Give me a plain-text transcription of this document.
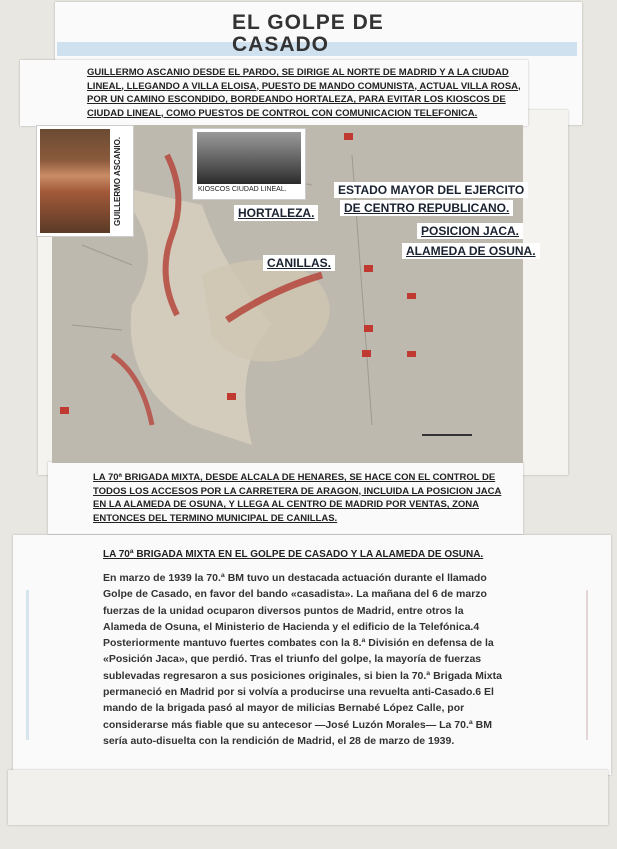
EL GOLPE DE
CASADO
GUILLERMO ASCANIO DESDE EL PARDO, SE DIRIGE AL NORTE DE MADRID Y A LA CIUDAD LINEAL, LLEGANDO A VILLA ELOISA, PUESTO DE MANDO COMUNISTA, ACTUAL VILLA ROSA, POR UN CAMINO ESCONDIDO, BORDEANDO HORTALEZA, PARA EVITAR LOS KIOSCOS DE CIUDAD LINEAL, COMO PUESTOS DE CONTROL CON COMUNICACION TELEFONICA.
GUILLERMO ASCANIO.	KIOSCOS CIUDAD LINEAL.
HORTALEZA.
ESTADO MAYOR DEL EJERCITO
DE CENTRO REPUBLICANO.
POSICION JACA.
ALAMEDA DE OSUNA.
CANILLAS.
LA 70ª BRIGADA MIXTA, DESDE ALCALA DE HENARES, SE HACE CON EL CONTROL DE TODOS LOS ACCESOS POR LA CARRETERA DE ARAGON, INCLUIDA LA POSICION JACA EN LA ALAMEDA DE OSUNA, Y LLEGA AL CENTRO DE MADRID POR VENTAS, ZONA ENTONCES DEL TERMINO MUNICIPAL DE CANILLAS.
LA 70ª BRIGADA MIXTA EN EL GOLPE DE CASADO Y LA ALAMEDA DE OSUNA.

En marzo de 1939 la 70.ª BM tuvo un destacada actuación durante el llamado Golpe de Casado, en favor del bando «casadista». La mañana del 6 de marzo fuerzas de la unidad ocuparon diversos puntos de Madrid, entre otros la Alameda de Osuna, el Ministerio de Hacienda y el edificio de la Telefónica.4 Posteriormente mantuvo fuertes combates con la 8.ª División en defensa de la «Posición Jaca», que perdió. Tras el triunfo del golpe, la mayoría de fuerzas sublevadas regresaron a sus posiciones originales, si bien la 70.ª Brigada Mixta permaneció en Madrid por si volvía a producirse una revuelta anti-Casado.6 El mando de la brigada pasó al mayor de milicias Bernabé López Calle, por considerarse más fiable que su antecesor —José Luzón Morales— La 70.ª BM sería auto-disuelta con la rendición de Madrid, el 28 de marzo de 1939.
